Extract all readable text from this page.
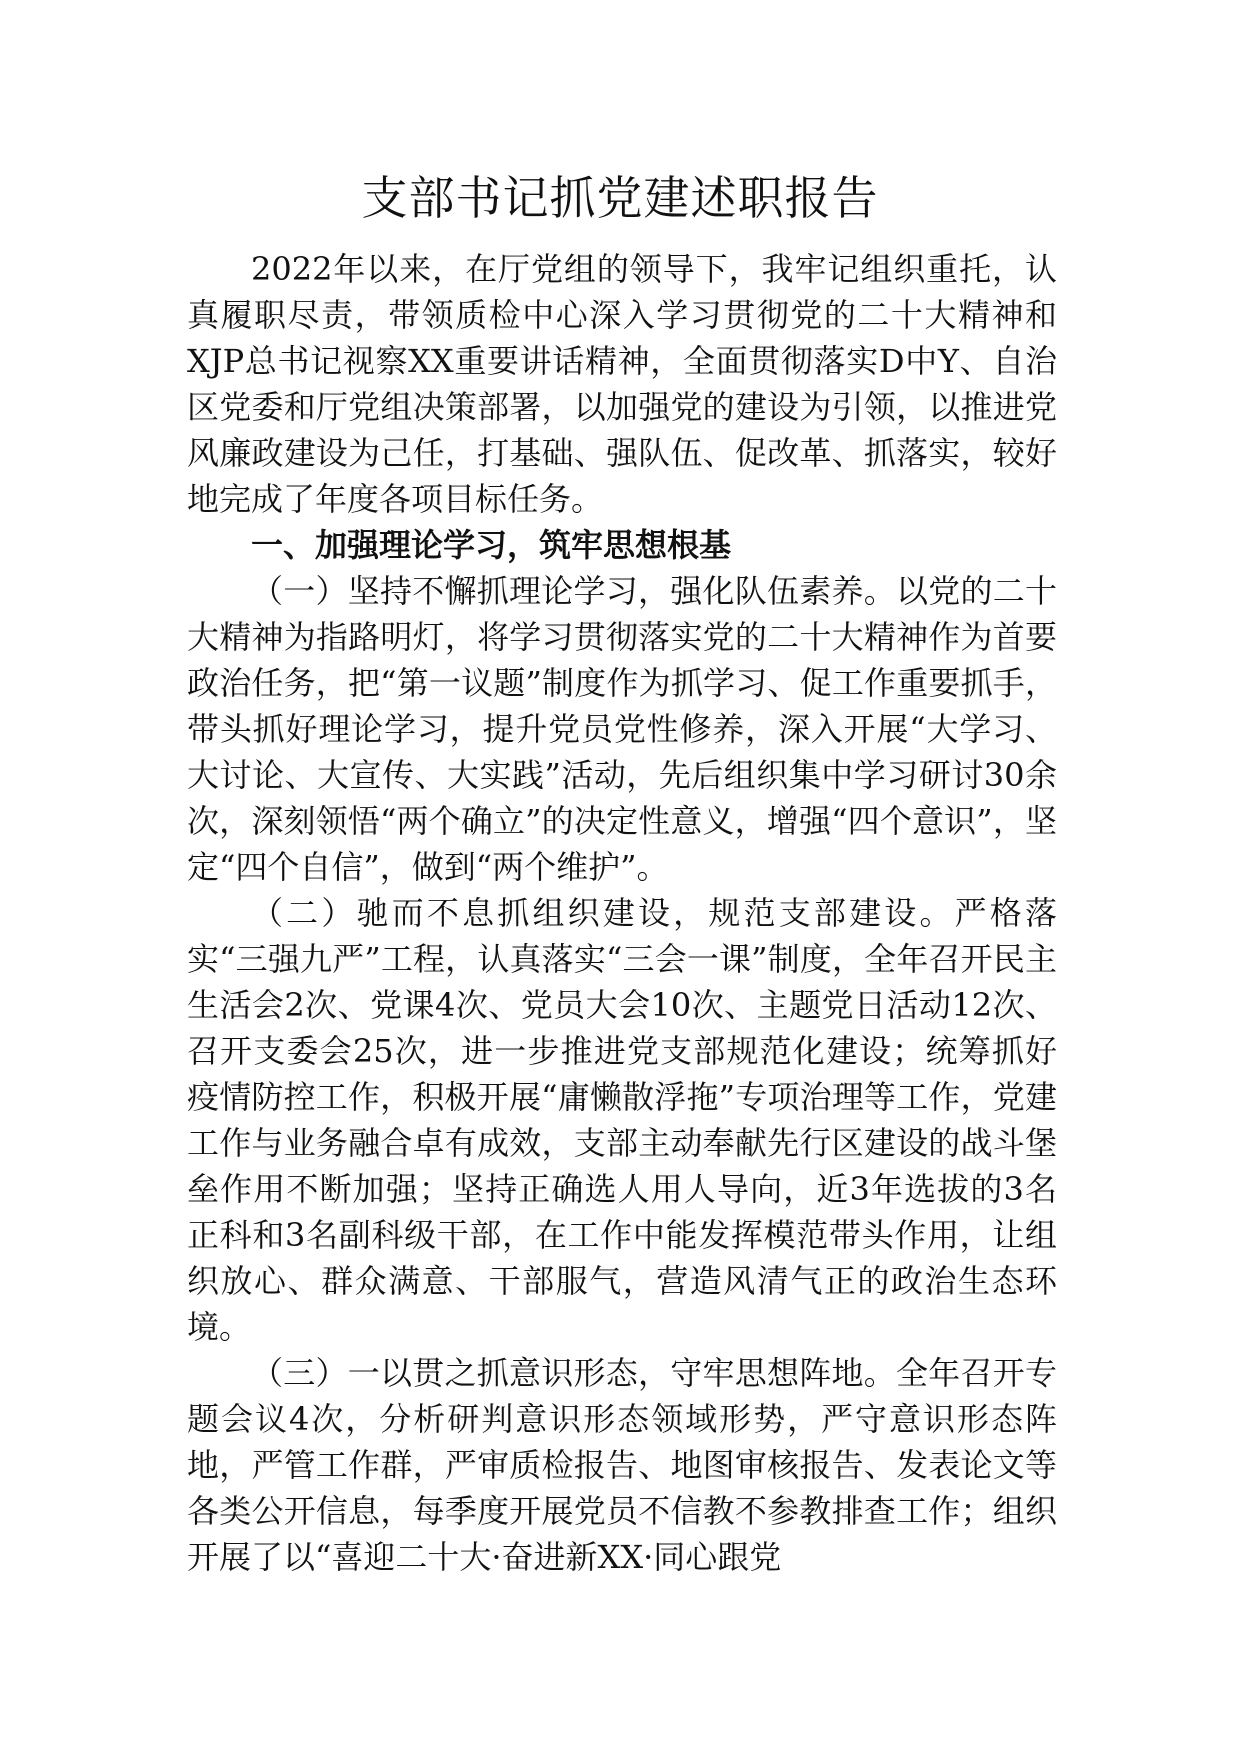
支部书记抓党建述职报告

2022年以来，在厅党组的领导下，我牢记组织重托，认真履职尽责，带领质检中心深入学习贯彻党的二十大精神和XJP总书记视察XX重要讲话精神，全面贯彻落实D中Y、自治区党委和厅党组决策部署，以加强党的建设为引领，以推进党风廉政建设为己任，打基础、强队伍、促改革、抓落实，较好地完成了年度各项目标任务。

一、加强理论学习，筑牢思想根基

（一）坚持不懈抓理论学习，强化队伍素养。以党的二十大精神为指路明灯，将学习贯彻落实党的二十大精神作为首要政治任务，把“第一议题”制度作为抓学习、促工作重要抓手，带头抓好理论学习，提升党员党性修养，深入开展“大学习、大讨论、大宣传、大实践”活动，先后组织集中学习研讨30余次，深刻领悟“两个确立”的决定性意义，增强“四个意识”，坚定“四个自信”，做到“两个维护”。

（二）驰而不息抓组织建设，规范支部建设。严格落实“三强九严”工程，认真落实“三会一课”制度，全年召开民主生活会2次、党课4次、党员大会10次、主题党日活动12次、召开支委会25次，进一步推进党支部规范化建设；统筹抓好疫情防控工作，积极开展“庸懒散浮拖”专项治理等工作，党建工作与业务融合卓有成效，支部主动奉献先行区建设的战斗堡垒作用不断加强；坚持正确选人用人导向，近3年选拔的3名正科和3名副科级干部，在工作中能发挥模范带头作用，让组织放心、群众满意、干部服气，营造风清气正的政治生态环境。

（三）一以贯之抓意识形态，守牢思想阵地。全年召开专题会议4次，分析研判意识形态领域形势，严守意识形态阵地，严管工作群，严审质检报告、地图审核报告、发表论文等各类公开信息，每季度开展党员不信教不参教排查工作；组织开展了以“喜迎二十大·奋进新XX·同心跟党
